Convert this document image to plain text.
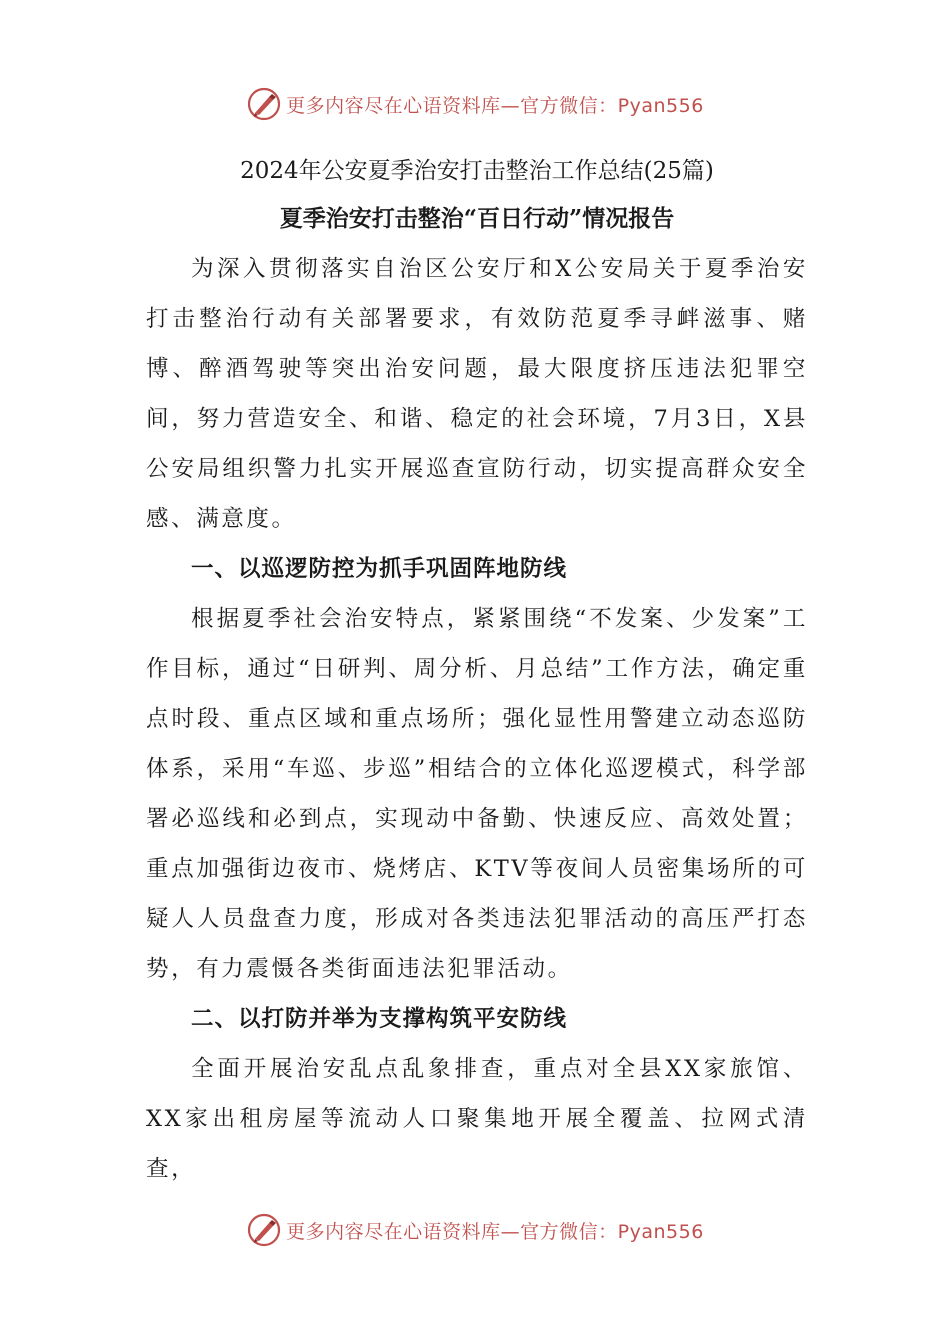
更多内容尽在心语资料库—官方微信：Pyan556
2024年公安夏季治安打击整治工作总结(25篇)
夏季治安打击整治“百日行动”情况报告

为深入贯彻落实自治区公安厅和X公安局关于夏季治安打击整治行动有关部署要求，有效防范夏季寻衅滋事、赌博、醉酒驾驶等突出治安问题，最大限度挤压违法犯罪空间，努力营造安全、和谐、稳定的社会环境，7月3日，X县公安局组织警力扎实开展巡查宣防行动，切实提高群众安全感、满意度。

一、以巡逻防控为抓手巩固阵地防线

根据夏季社会治安特点，紧紧围绕“不发案、少发案”工作目标，通过“日研判、周分析、月总结”工作方法，确定重点时段、重点区域和重点场所；强化显性用警建立动态巡防体系，采用“车巡、步巡”相结合的立体化巡逻模式，科学部署必巡线和必到点，实现动中备勤、快速反应、高效处置；重点加强街边夜市、烧烤店、KTV等夜间人员密集场所的可疑人人员盘查力度，形成对各类违法犯罪活动的高压严打态势，有力震慑各类街面违法犯罪活动。

二、以打防并举为支撑构筑平安防线

全面开展治安乱点乱象排查，重点对全县XX家旅馆、XX家出租房屋等流动人口聚集地开展全覆盖、拉网式清查，

更多内容尽在心语资料库—官方微信：Pyan556
